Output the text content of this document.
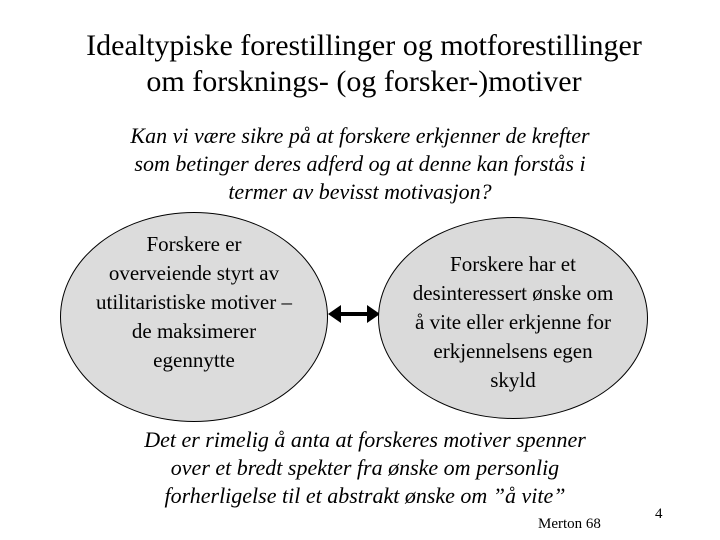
Idealtypiske forestillinger og motforestillinger
om forsknings- (og forsker-)motiver
Kan vi være sikre på at forskere erkjenner de krefter
som betinger deres adferd og at denne kan forstås i
termer av bevisst motivasjon?
Forskere er
overveiende styrt av
utilitaristiske motiver –
de maksimerer
egennytte
Forskere har et
desinteressert ønske om
å vite eller erkjenne for
erkjennelsens egen
skyld
Det er rimelig å anta at forskeres motiver spenner
over et bredt spekter fra ønske om personlig
forherligelse til et abstrakt ønske om ”å vite”
Merton 68
4
